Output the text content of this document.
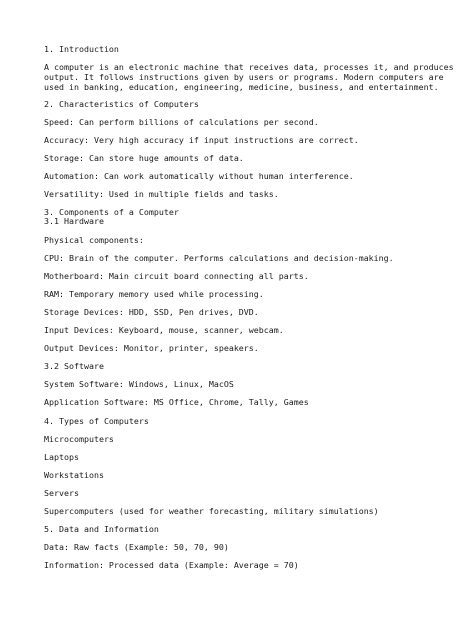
1. Introduction
A computer is an electronic machine that receives data, processes it, and produces
output. It follows instructions given by users or programs. Modern computers are
used in banking, education, engineering, medicine, business, and entertainment.
2. Characteristics of Computers
Speed: Can perform billions of calculations per second.
Accuracy: Very high accuracy if input instructions are correct.
Storage: Can store huge amounts of data.
Automation: Can work automatically without human interference.
Versatility: Used in multiple fields and tasks.
3. Components of a Computer
3.1 Hardware
Physical components:
CPU: Brain of the computer. Performs calculations and decision-making.
Motherboard: Main circuit board connecting all parts.
RAM: Temporary memory used while processing.
Storage Devices: HDD, SSD, Pen drives, DVD.
Input Devices: Keyboard, mouse, scanner, webcam.
Output Devices: Monitor, printer, speakers.
3.2 Software
System Software: Windows, Linux, MacOS
Application Software: MS Office, Chrome, Tally, Games
4. Types of Computers
Microcomputers
Laptops
Workstations
Servers
Supercomputers (used for weather forecasting, military simulations)
5. Data and Information
Data: Raw facts (Example: 50, 70, 90)
Information: Processed data (Example: Average = 70)
